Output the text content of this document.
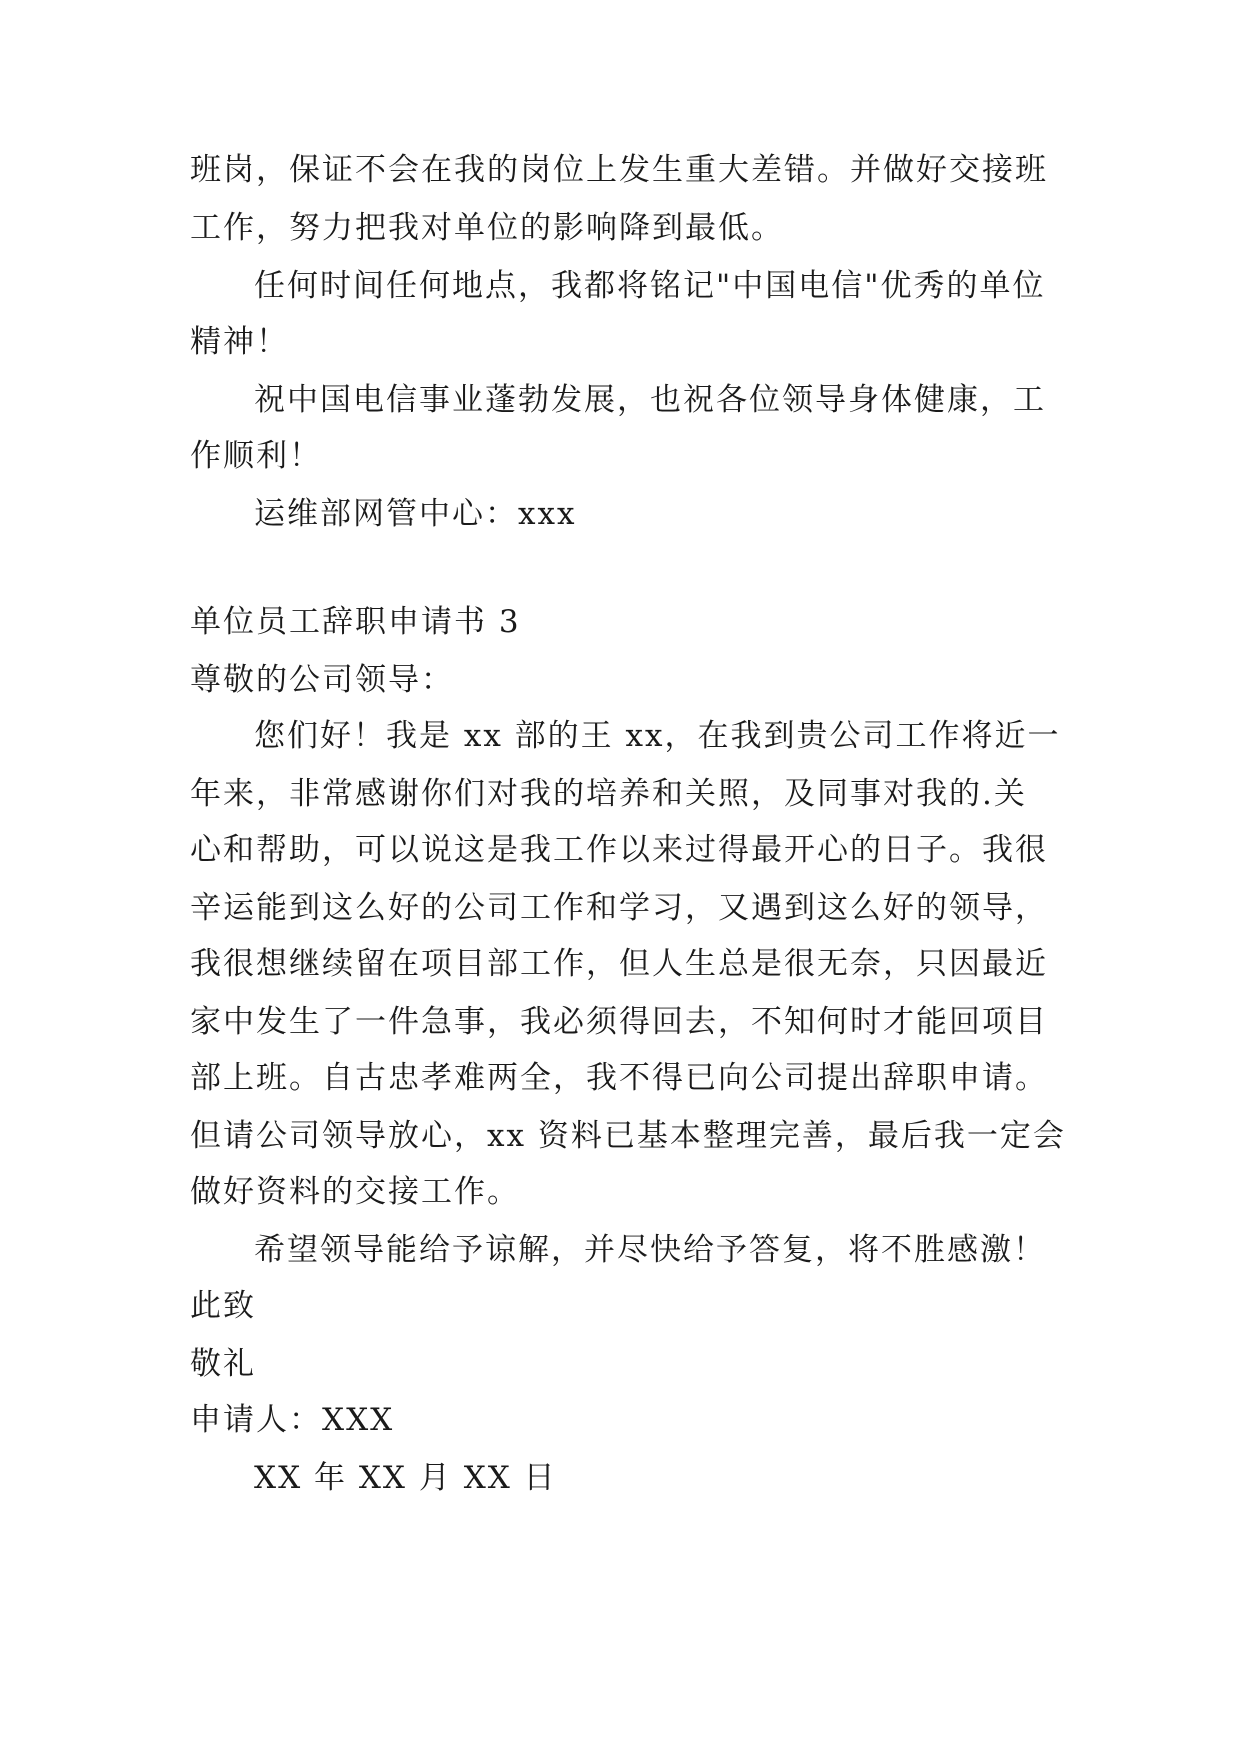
班岗，保证不会在我的岗位上发生重大差错。并做好交接班
工作，努力把我对单位的影响降到最低。
任何时间任何地点，我都将铭记"中国电信"优秀的单位
精神！
祝中国电信事业蓬勃发展，也祝各位领导身体健康，工
作顺利！
运维部网管中心：xxx
单位员工辞职申请书 3
尊敬的公司领导：
您们好！我是 xx 部的王 xx，在我到贵公司工作将近一
年来，非常感谢你们对我的培养和关照，及同事对我的.关
心和帮助，可以说这是我工作以来过得最开心的日子。我很
辛运能到这么好的公司工作和学习，又遇到这么好的领导，
我很想继续留在项目部工作，但人生总是很无奈，只因最近
家中发生了一件急事，我必须得回去，不知何时才能回项目
部上班。自古忠孝难两全，我不得已向公司提出辞职申请。
但请公司领导放心，xx 资料已基本整理完善，最后我一定会
做好资料的交接工作。
希望领导能给予谅解，并尽快给予答复，将不胜感激！
此致
敬礼
申请人：XXX
XX 年 XX 月 XX 日
